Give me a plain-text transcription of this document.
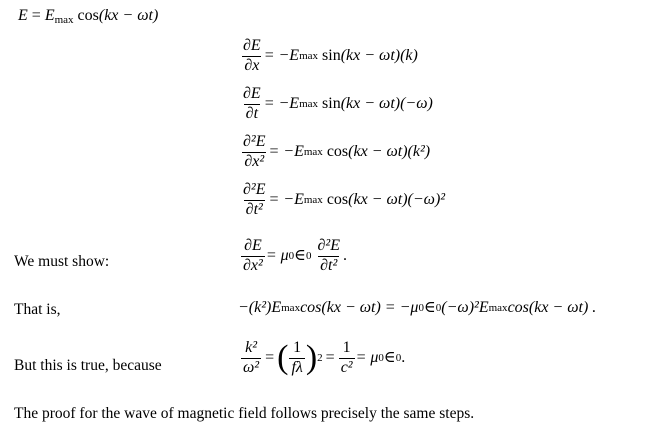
$E = E_{max}$ cos(kx − ωt)
$\frac{\partial E}{\partial x} = -E$ max sin (kx − ωt) (k)
$\frac{\partial E}{\partial t} = -E$ max sin (kx − ωt) (−ω)
$\frac{\text{∂²E}}{\text{∂x²}} = -E$ max cos (kx − ωt) (k²)
$\frac{\text{∂²E}}{\text{∂t²}} = -E$ max cos (kx − ωt) (−ω)²
We must show:	$\frac{\partial E}{\text{∂x²}} = \mu$ 0 ∈ $0 \frac{\text{∂²E}}{\text{∂t²}}$ .
That is,	−(k²)E max cos(kx − ωt) = −μ 0 ∈ 0 (−ω)²E max cos(kx − ωt) .
But this is true, because	$\frac{\text{k²}}{\text{ω²}}$ = ( $\frac{1}{f\lambda}$ ) $2 = \frac{1}{\text{c²}} = \mu$ 0 ∈ 0 .
The proof for the wave of magnetic field follows precisely the same steps.
